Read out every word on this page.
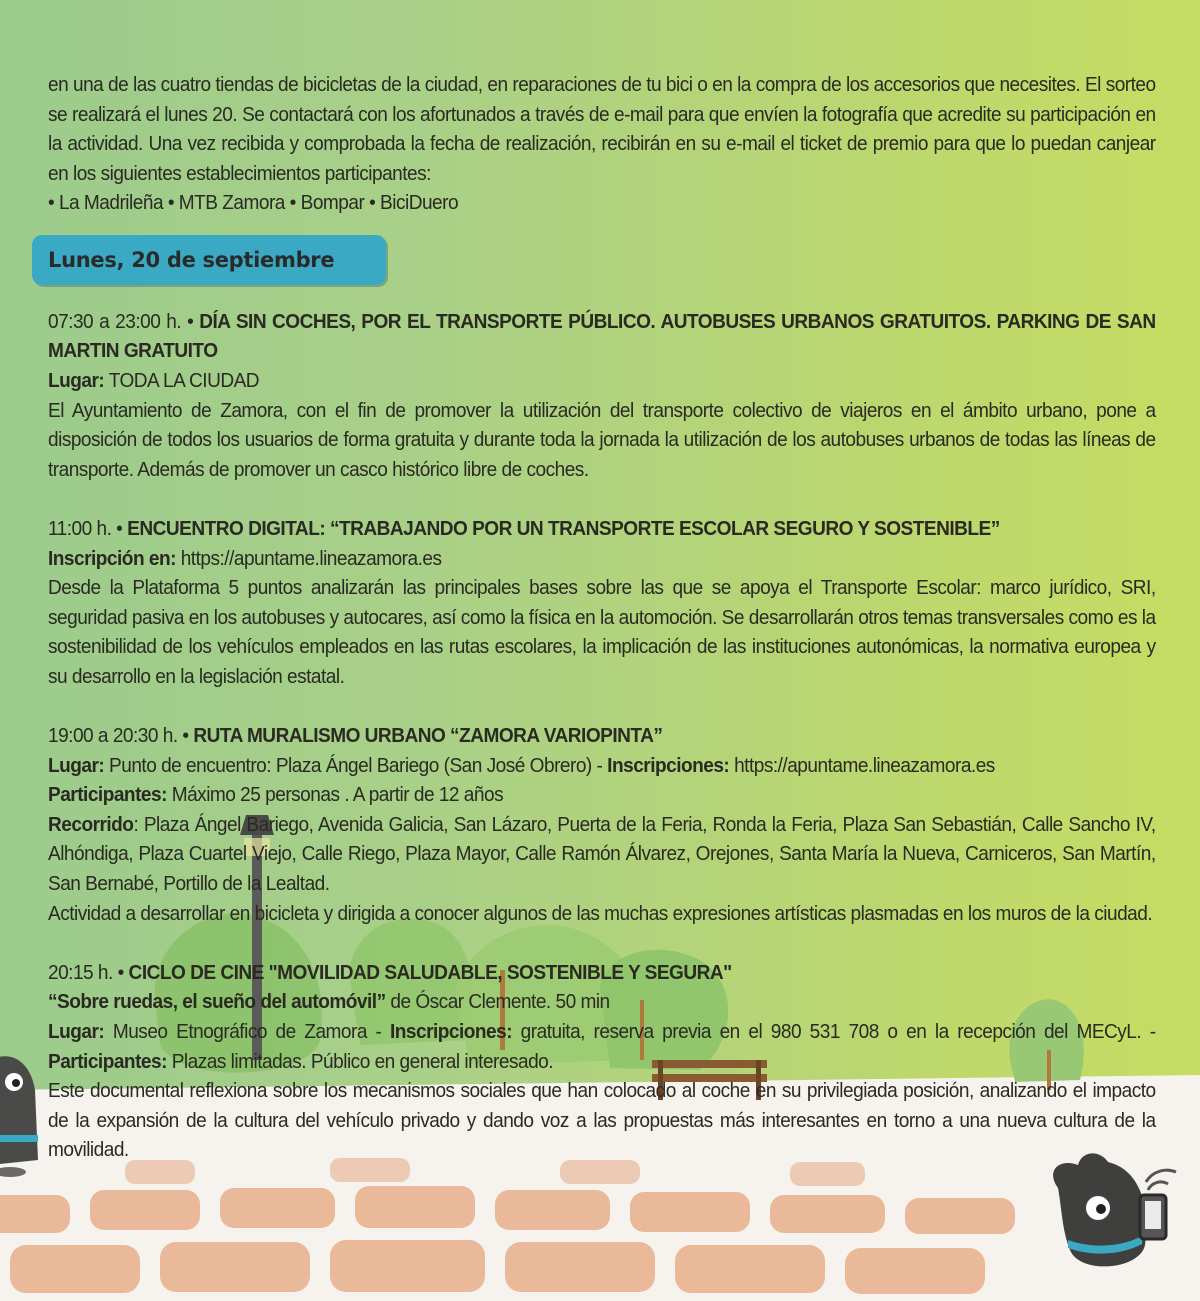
Lunes, 20 de septiembre

en una de las cuatro tiendas de bicicletas de la ciudad, en reparaciones de tu bici o en la compra de los accesorios que necesites. El sorteo se realizará el lunes 20. Se contactará con los afortunados a través de e-mail para que envíen la fotografía que acredite su participación en la actividad. Una vez recibida y comprobada la fecha de realización, recibirán en su e-mail el ticket de premio para que lo puedan canjear en los siguientes establecimientos participantes:

• La Madrileña • MTB Zamora • Bompar • BiciDuero

07:30 a 23:00 h. • DÍA SIN COCHES, POR EL TRANSPORTE PÚBLICO. AUTOBUSES URBANOS GRATUITOS. PARKING DE SAN MARTIN GRATUITO

Lugar: TODA LA CIUDAD

El Ayuntamiento de Zamora, con el fin de promover la utilización del transporte colectivo de viajeros en el ámbito urbano, pone a disposición de todos los usuarios de forma gratuita y durante toda la jornada la utilización de los autobuses urbanos de todas las líneas de transporte. Además de promover un casco histórico libre de coches.

11:00 h. • ENCUENTRO DIGITAL: “TRABAJANDO POR UN TRANSPORTE ESCOLAR SEGURO Y SOSTENIBLE”

Inscripción en: https://apuntame.lineazamora.es

Desde la Plataforma 5 puntos analizarán las principales bases sobre las que se apoya el Transporte Escolar: marco jurídico, SRI, seguridad pasiva en los autobuses y autocares, así como la física en la automoción. Se desarrollarán otros temas transversales como es la sostenibilidad de los vehículos empleados en las rutas escolares, la implicación de las instituciones autonómicas, la normativa europea y su desarrollo en la legislación estatal.

19:00 a 20:30 h. • RUTA MURALISMO URBANO “ZAMORA VARIOPINTA”

Lugar: Punto de encuentro: Plaza Ángel Bariego (San José Obrero) - Inscripciones: https://apuntame.lineazamora.es

Participantes: Máximo 25 personas . A partir de 12 años

Recorrido: Plaza Ángel Bariego, Avenida Galicia, San Lázaro, Puerta de la Feria, Ronda la Feria, Plaza San Sebastián, Calle Sancho IV, Alhóndiga, Plaza Cuartel Viejo, Calle Riego, Plaza Mayor, Calle Ramón Álvarez, Orejones, Santa María la Nueva, Carniceros, San Martín, San Bernabé, Portillo de la Lealtad.

Actividad a desarrollar en bicicleta y dirigida a conocer algunos de las muchas expresiones artísticas plasmadas en los muros de la ciudad.

20:15 h. • CICLO DE CINE "MOVILIDAD SALUDABLE, SOSTENIBLE Y SEGURA"

“Sobre ruedas, el sueño del automóvil” de Óscar Clemente. 50 min

Lugar: Museo Etnográfico de Zamora - Inscripciones: gratuita, reserva previa en el 980 531 708 o en la recepción del MECyL. - Participantes: Plazas limitadas. Público en general interesado.

Este documental reflexiona sobre los mecanismos sociales que han colocado al coche en su privilegiada posición, analizando el impacto de la expansión de la cultura del vehículo privado y dando voz a las propuestas más interesantes en torno a una nueva cultura de la movilidad.
